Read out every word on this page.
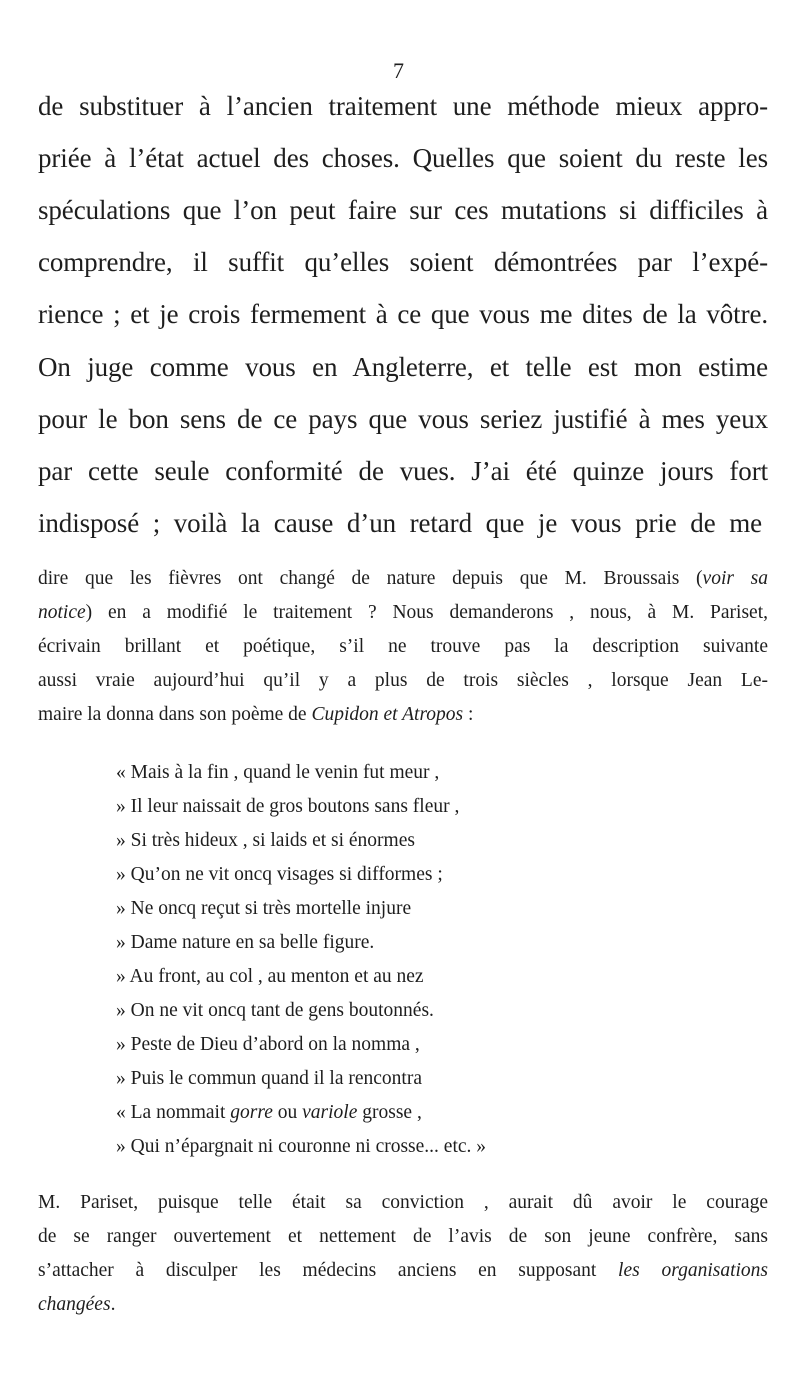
7
de substituer à l’ancien traitement une méthode mieux appro-
priée à l’état actuel des choses. Quelles que soient du reste les
spéculations que l’on peut faire sur ces mutations si difficiles à
comprendre, il suffit qu’elles soient démontrées par l’expé-
rience ; et je crois fermement à ce que vous me dites de la vôtre.
On juge comme vous en Angleterre, et telle est mon estime
pour le bon sens de ce pays que vous seriez justifié à mes yeux
par cette seule conformité de vues. J’ai été quinze jours fort
indisposé ; voilà la cause d’un retard que je vous prie de me
dire que les fièvres ont changé de nature depuis que M. Broussais (voir sa
notice) en a modifié le traitement ? Nous demanderons , nous, à M. Pariset,
écrivain brillant et poétique, s’il ne trouve pas la description suivante
aussi vraie aujourd’hui qu’il y a plus de trois siècles , lorsque Jean Le-
maire la donna dans son poème de Cupidon et Atropos :
« Mais à la fin , quand le venin fut meur ,
» Il leur naissait de gros boutons sans fleur ,
» Si très hideux , si laids et si énormes
» Qu’on ne vit oncq visages si difformes ;
» Ne oncq reçut si très mortelle injure
» Dame nature en sa belle figure.
» Au front, au col , au menton et au nez
» On ne vit oncq tant de gens boutonnés.
» Peste de Dieu d’abord on la nomma ,
» Puis le commun quand il la rencontra
« La nommait gorre ou variole grosse ,
» Qui n’épargnait ni couronne ni crosse... etc. »
M. Pariset, puisque telle était sa conviction , aurait dû avoir le courage
de se ranger ouvertement et nettement de l’avis de son jeune confrère, sans
s’attacher à disculper les médecins anciens en supposant les organisations
changées.
